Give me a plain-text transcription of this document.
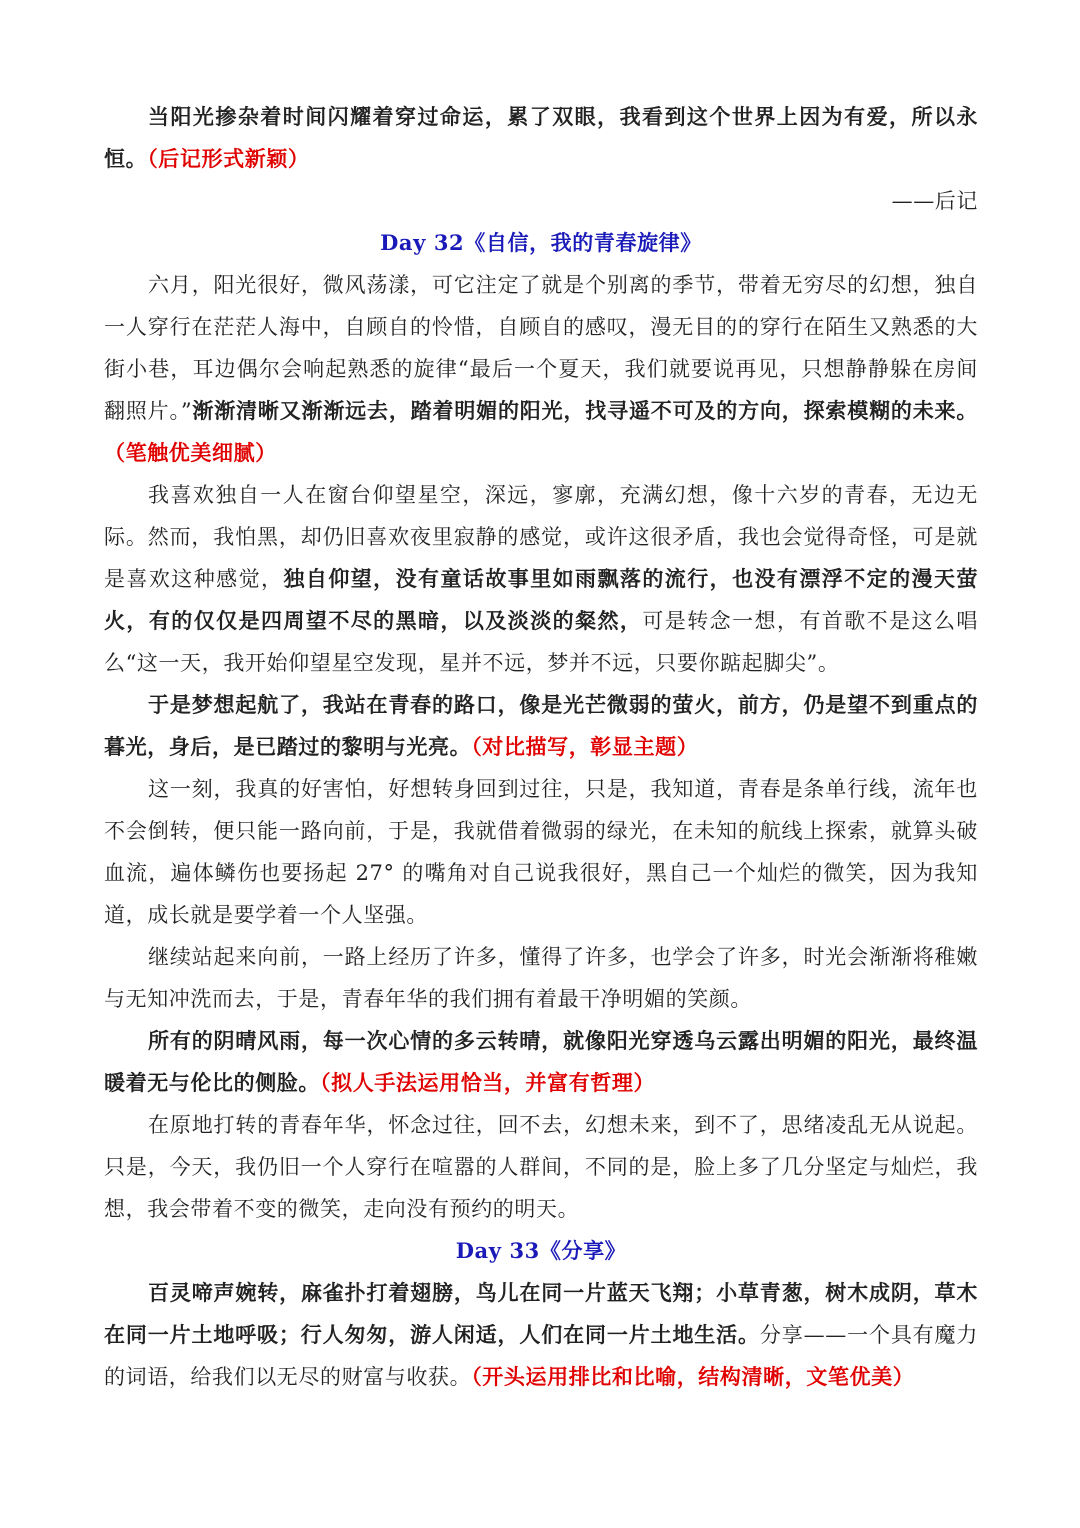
当阳光掺杂着时间闪耀着穿过命运，累了双眼，我看到这个世界上因为有爱，所以永恒。（后记形式新颖）

——后记

Day 32《自信，我的青春旋律》

六月，阳光很好，微风荡漾，可它注定了就是个别离的季节，带着无穷尽的幻想，独自一人穿行在茫茫人海中，自顾自的怜惜，自顾自的感叹，漫无目的的穿行在陌生又熟悉的大街小巷，耳边偶尔会响起熟悉的旋律“最后一个夏天，我们就要说再见，只想静静躲在房间翻照片。”渐渐清晰又渐渐远去，踏着明媚的阳光，找寻遥不可及的方向，探索模糊的未来。（笔触优美细腻）

我喜欢独自一人在窗台仰望星空，深远，寥廓，充满幻想，像十六岁的青春，无边无际。然而，我怕黑，却仍旧喜欢夜里寂静的感觉，或许这很矛盾，我也会觉得奇怪，可是就是喜欢这种感觉，独自仰望，没有童话故事里如雨飘落的流行，也没有漂浮不定的漫天萤火，有的仅仅是四周望不尽的黑暗，以及淡淡的粲然，可是转念一想，有首歌不是这么唱么“这一天，我开始仰望星空发现，星并不远，梦并不远，只要你踮起脚尖”。

于是梦想起航了，我站在青春的路口，像是光芒微弱的萤火，前方，仍是望不到重点的暮光，身后，是已踏过的黎明与光亮。（对比描写，彰显主题）

这一刻，我真的好害怕，好想转身回到过往，只是，我知道，青春是条单行线，流年也不会倒转，便只能一路向前，于是，我就借着微弱的绿光，在未知的航线上探索，就算头破血流，遍体鳞伤也要扬起 27° 的嘴角对自己说我很好，黑自己一个灿烂的微笑，因为我知道，成长就是要学着一个人坚强。

继续站起来向前，一路上经历了许多，懂得了许多，也学会了许多，时光会渐渐将稚嫩与无知冲洗而去，于是，青春年华的我们拥有着最干净明媚的笑颜。

所有的阴晴风雨，每一次心情的多云转晴，就像阳光穿透乌云露出明媚的阳光，最终温暖着无与伦比的侧脸。（拟人手法运用恰当，并富有哲理）

在原地打转的青春年华，怀念过往，回不去，幻想未来，到不了，思绪凌乱无从说起。只是，今天，我仍旧一个人穿行在喧嚣的人群间，不同的是，脸上多了几分坚定与灿烂，我想，我会带着不变的微笑，走向没有预约的明天。

Day 33《分享》

百灵啼声婉转，麻雀扑打着翅膀，鸟儿在同一片蓝天飞翔；小草青葱，树木成阴，草木在同一片土地呼吸；行人匆匆，游人闲适，人们在同一片土地生活。分享——一个具有魔力的词语，给我们以无尽的财富与收获。（开头运用排比和比喻，结构清晰，文笔优美）
